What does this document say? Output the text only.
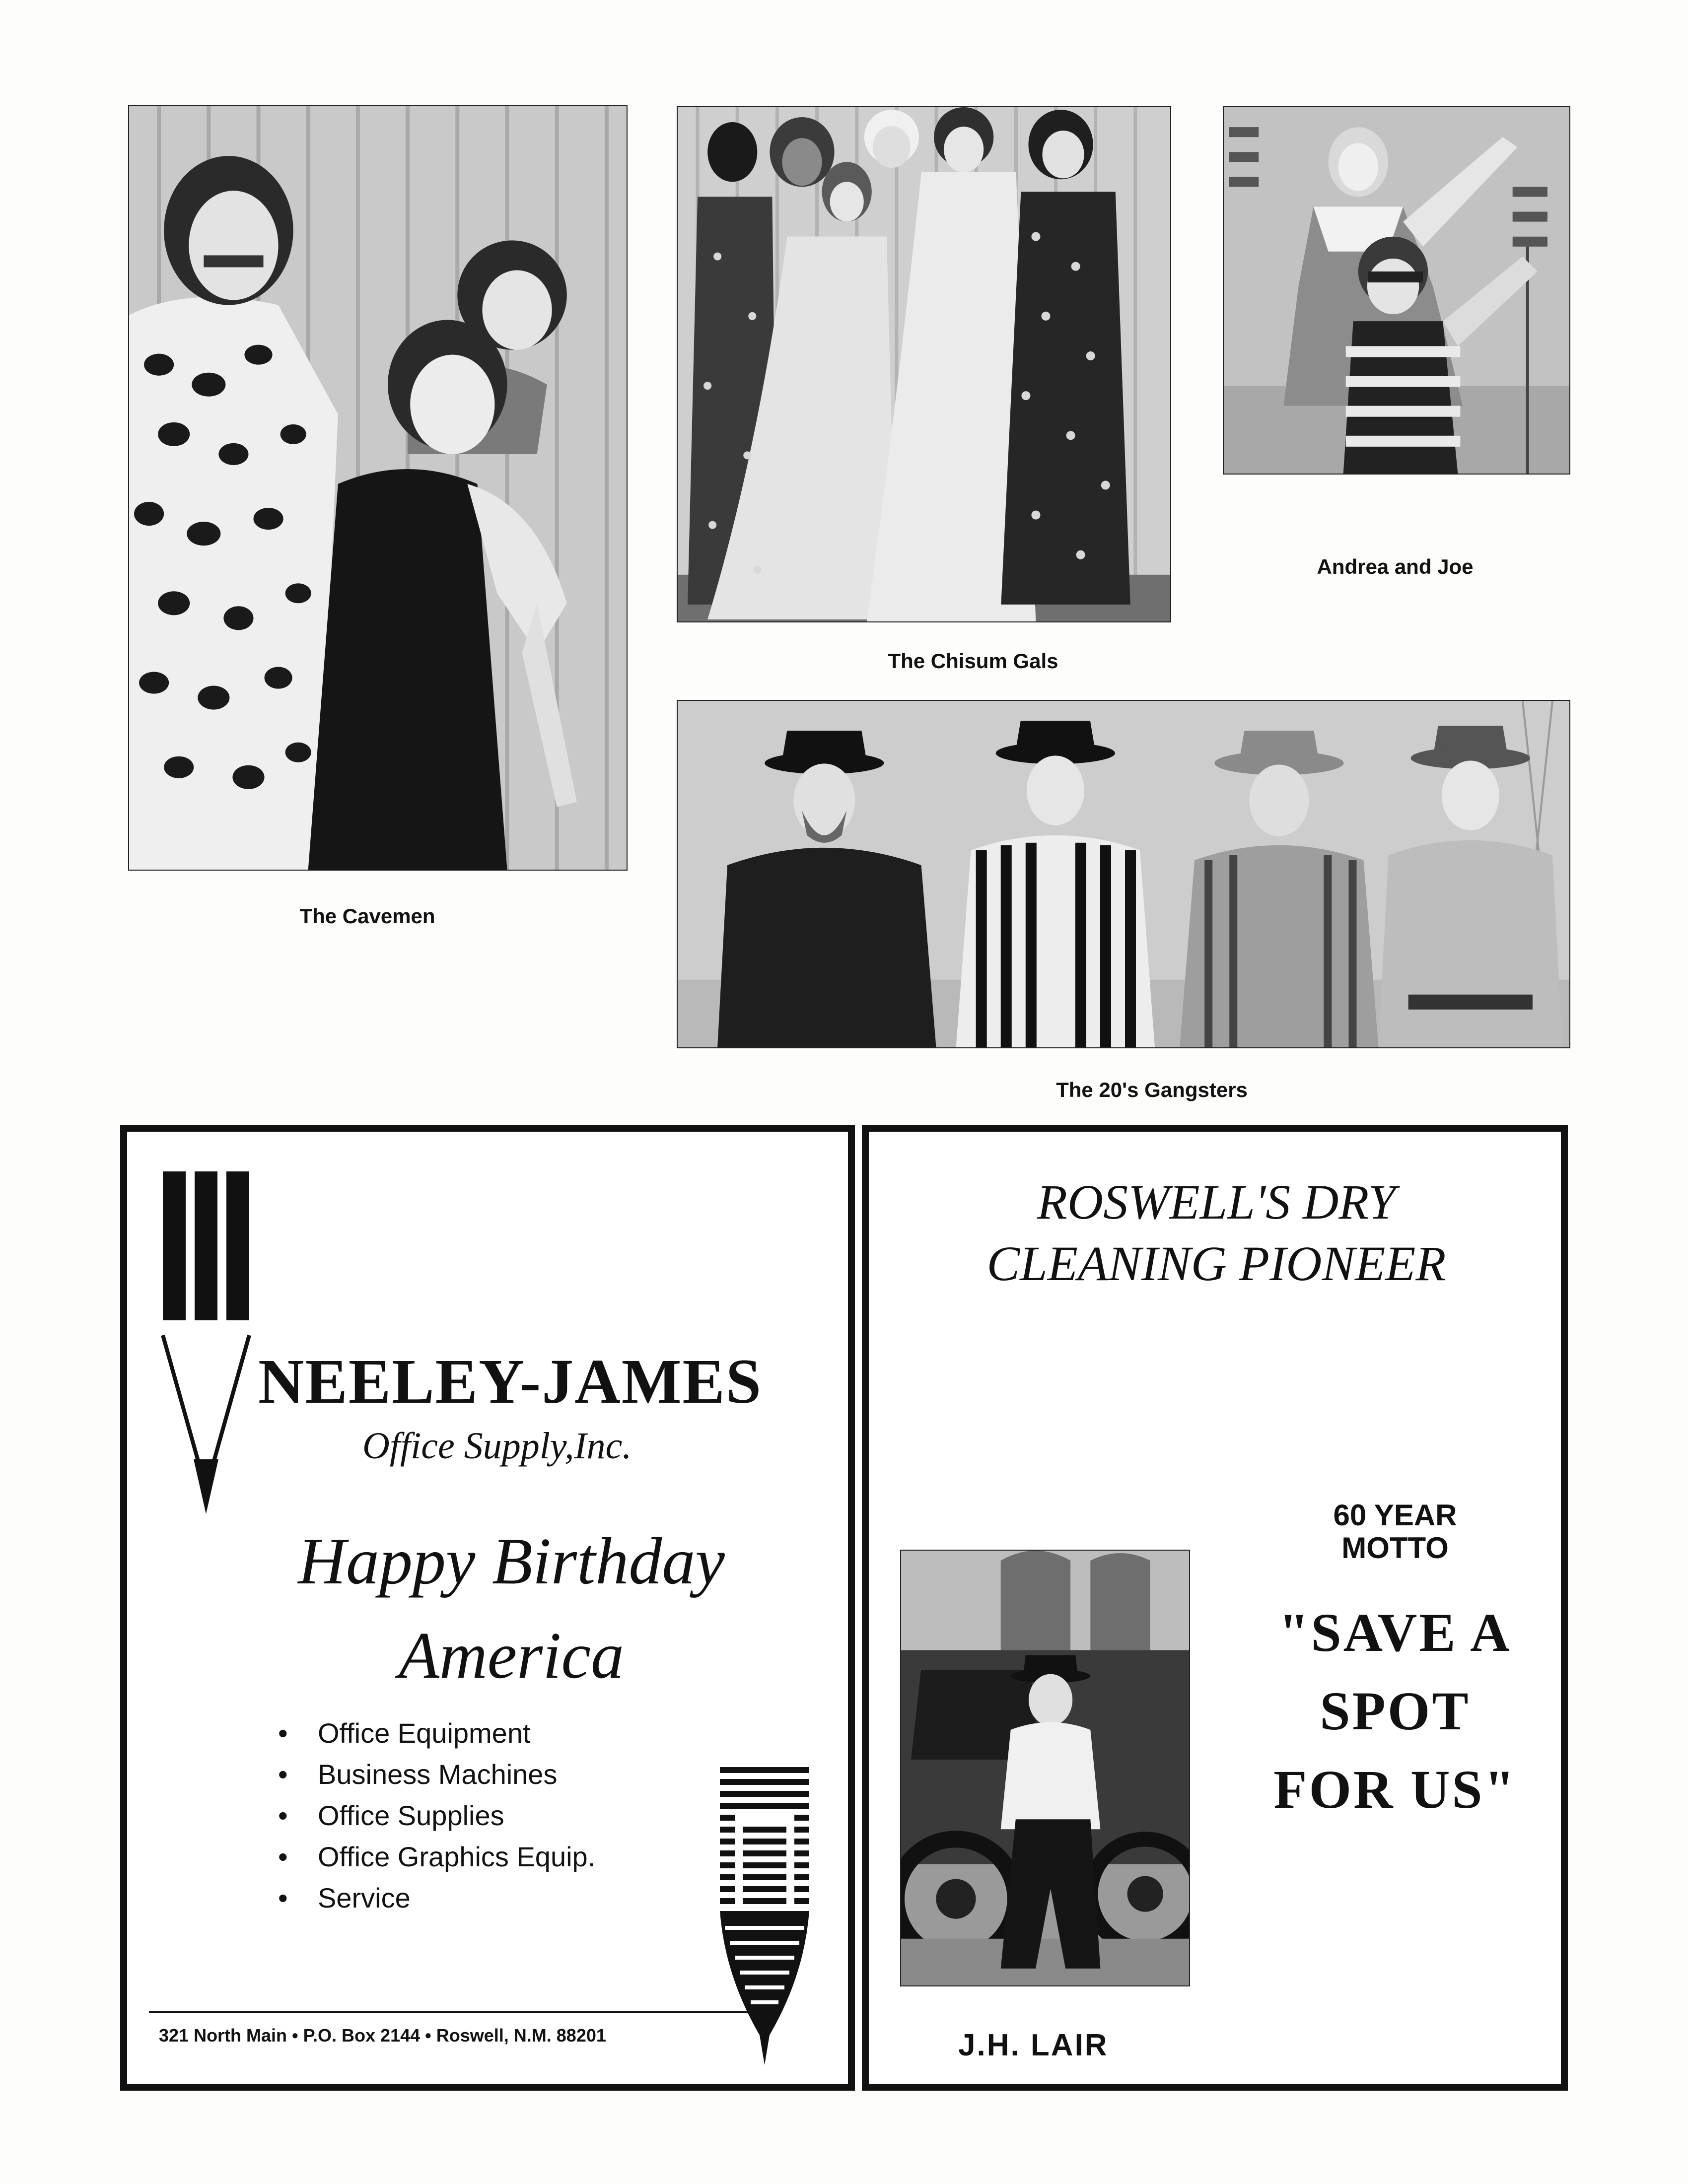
The Cavemen
The Chisum Gals
Andrea and Joe
The 20's Gangsters
NEELEY-JAMES
Office Supply,Inc.
Happy Birthday
America
• Office Equipment
• Business Machines
• Office Supplies
• Office Graphics Equip.
• Service
321 North Main • P.O. Box 2144 • Roswell, N.M. 88201
ROSWELL'S DRY
CLEANING PIONEER
60 YEAR
MOTTO
"SAVE A
SPOT
FOR US"
J.H. LAIR
